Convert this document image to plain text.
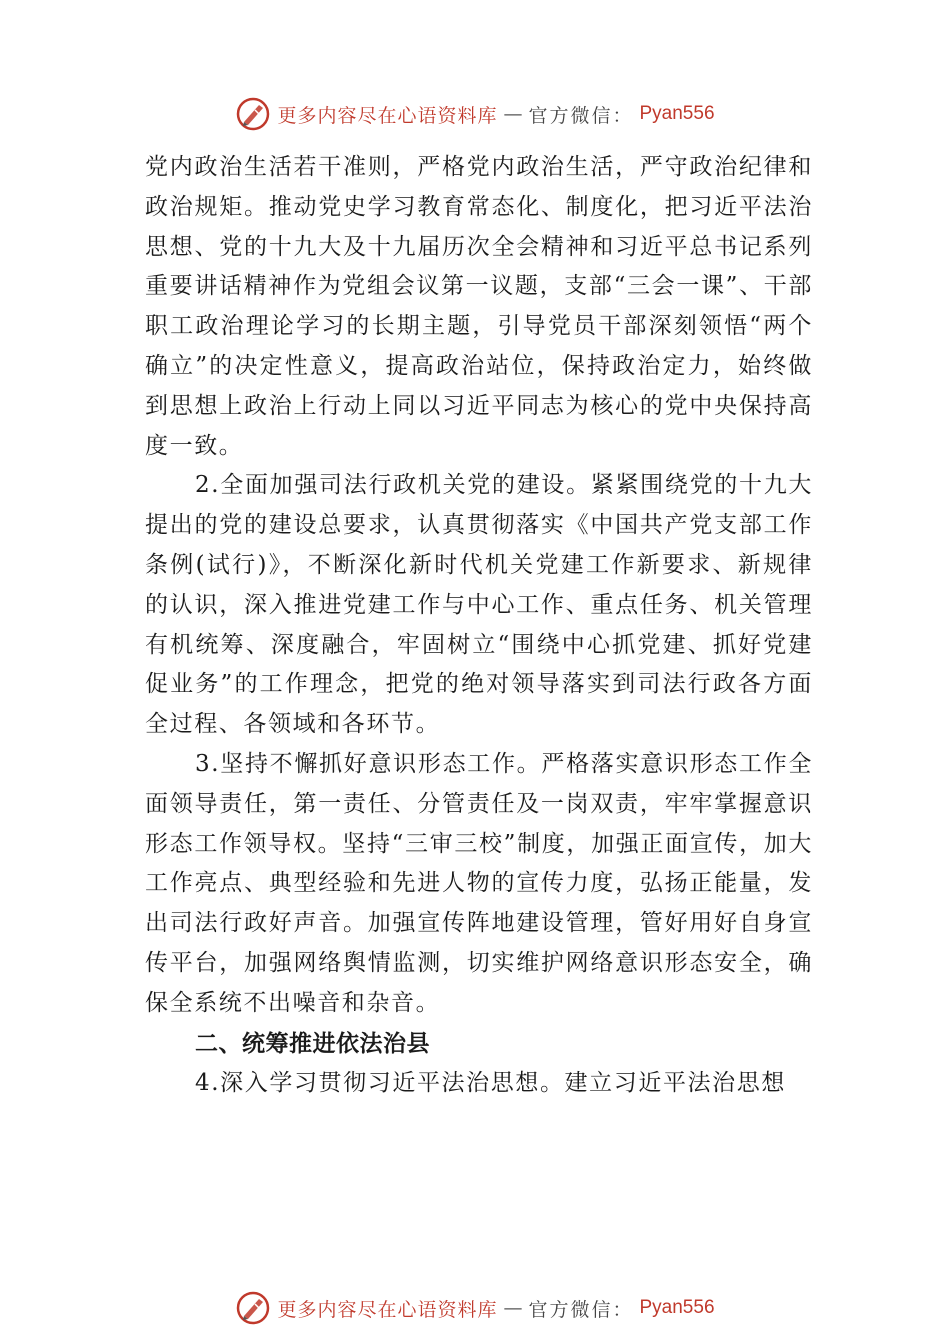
更多内容尽在心语资料库 — 官方微信： Pyan556

党内政治生活若干准则，严格党内政治生活，严守政治纪律和政治规矩。推动党史学习教育常态化、制度化，把习近平法治思想、党的十九大及十九届历次全会精神和习近平总书记系列重要讲话精神作为党组会议第一议题，支部“三会一课”、干部职工政治理论学习的长期主题，引导党员干部深刻领悟“两个确立”的决定性意义，提高政治站位，保持政治定力，始终做到思想上政治上行动上同以习近平同志为核心的党中央保持高度一致。

2.全面加强司法行政机关党的建设。紧紧围绕党的十九大提出的党的建设总要求，认真贯彻落实《中国共产党支部工作条例(试行)》，不断深化新时代机关党建工作新要求、新规律的认识，深入推进党建工作与中心工作、重点任务、机关管理有机统筹、深度融合，牢固树立“围绕中心抓党建、抓好党建促业务”的工作理念，把党的绝对领导落实到司法行政各方面全过程、各领域和各环节。

3.坚持不懈抓好意识形态工作。严格落实意识形态工作全面领导责任，第一责任、分管责任及一岗双责，牢牢掌握意识形态工作领导权。坚持“三审三校”制度，加强正面宣传，加大工作亮点、典型经验和先进人物的宣传力度，弘扬正能量，发出司法行政好声音。加强宣传阵地建设管理，管好用好自身宣传平台，加强网络舆情监测，切实维护网络意识形态安全，确保全系统不出噪音和杂音。

二、统筹推进依法治县

4.深入学习贯彻习近平法治思想。建立习近平法治思想

更多内容尽在心语资料库 — 官方微信： Pyan556
